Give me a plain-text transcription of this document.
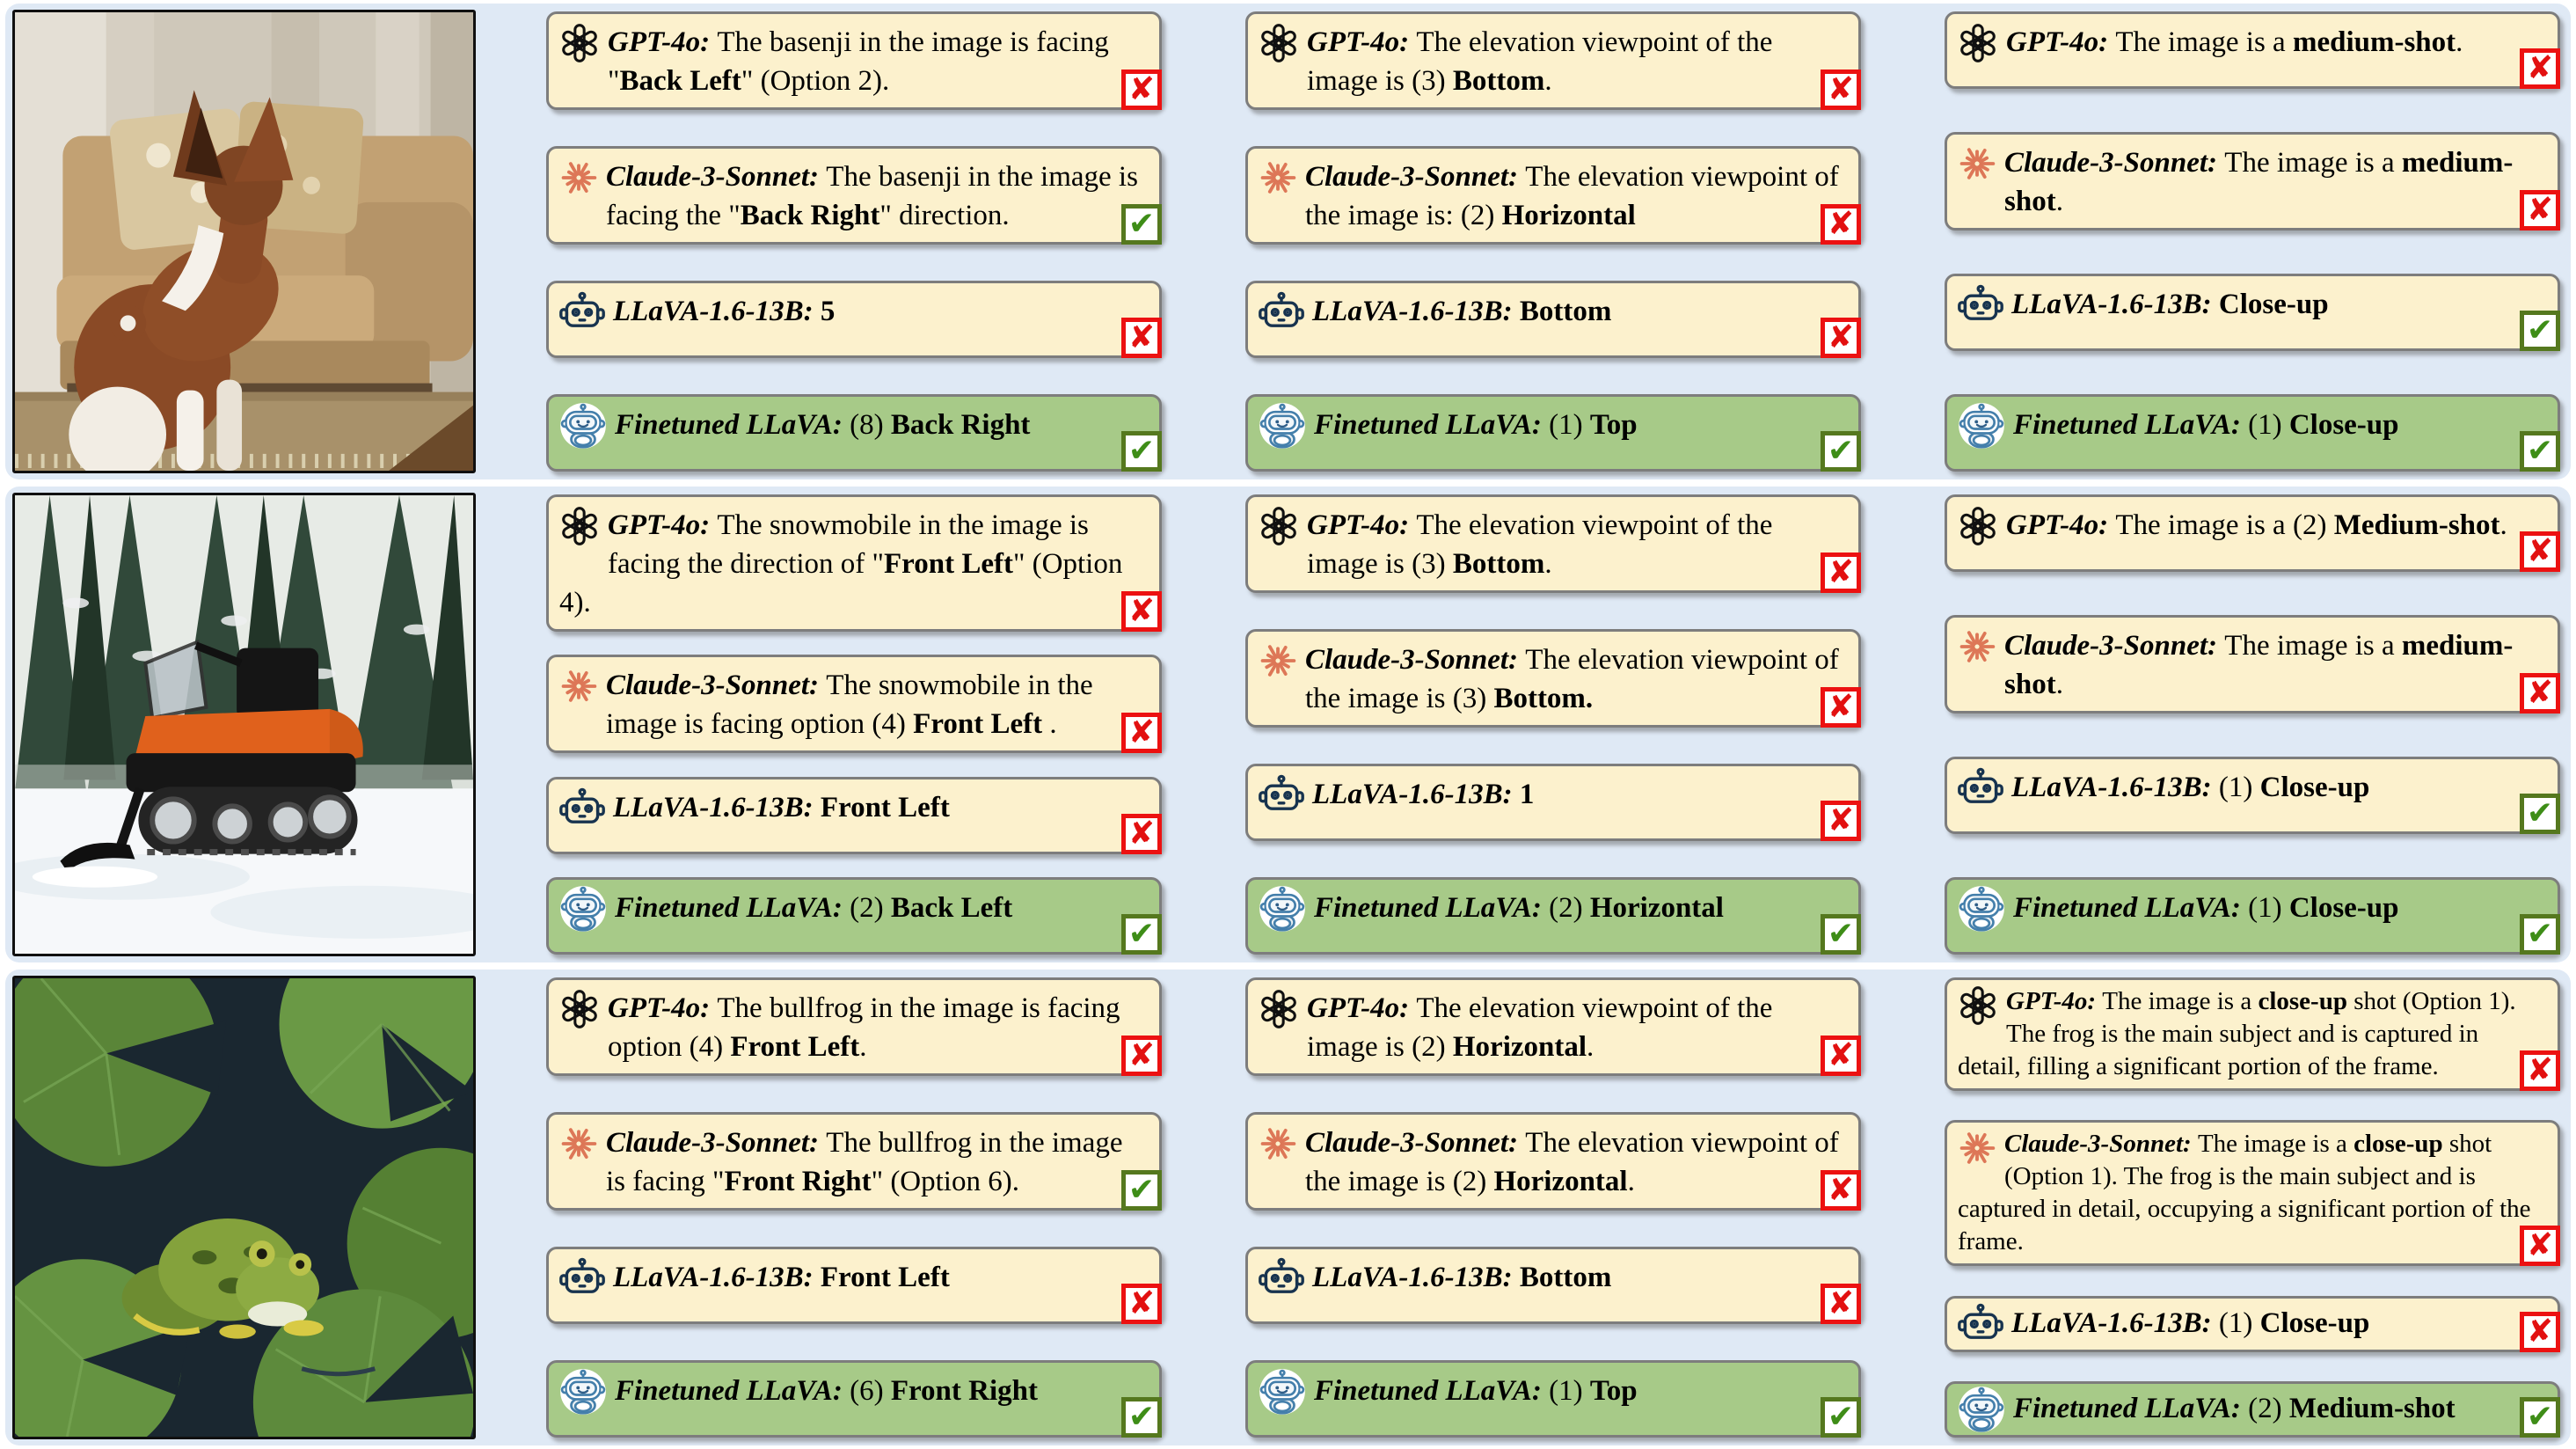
GPT-4o: The basenji in the image is facing "Back Left" (Option 2).	✘
Claude-3-Sonnet: The basenji in the image is facing the "Back Right" direction.	✔
LLaVA-1.6-13B: 5
✘
Finetuned LLaVA: (8) Back Right
✔
GPT-4o: The elevation viewpoint of the image is (3) Bottom.	✘
Claude-3-Sonnet: The elevation viewpoint of the image is: (2) Horizontal	✘
LLaVA-1.6-13B: Bottom
✘
Finetuned LLaVA: (1) Top
✔
GPT-4o: The image is a medium-shot.
✘
Claude-3-Sonnet: The image is a medium-shot.	✘
LLaVA-1.6-13B: Close-up
✔
Finetuned LLaVA: (1) Close-up
✔
GPT-4o: The snowmobile in the image is facing the direction of "Front Left" (Option 4).	✘
Claude-3-Sonnet: The snowmobile in the image is facing option (4) Front Left .	✘
LLaVA-1.6-13B: Front Left
✘
Finetuned LLaVA: (2) Back Left
✔
GPT-4o: The elevation viewpoint of the image is (3) Bottom.	✘
Claude-3-Sonnet: The elevation viewpoint of the image is (3) Bottom.	✘
LLaVA-1.6-13B: 1
✘
Finetuned LLaVA: (2) Horizontal
✔
GPT-4o: The image is a (2) Medium-shot.
✘
Claude-3-Sonnet: The image is a medium-shot.	✘
LLaVA-1.6-13B: (1) Close-up
✔
Finetuned LLaVA: (1) Close-up
✔
GPT-4o: The bullfrog in the image is facing option (4) Front Left.	✘
Claude-3-Sonnet: The bullfrog in the image is facing "Front Right" (Option 6).	✔
LLaVA-1.6-13B: Front Left
✘
Finetuned LLaVA: (6) Front Right
✔
GPT-4o: The elevation viewpoint of the image is (2) Horizontal.	✘
Claude-3-Sonnet: The elevation viewpoint of the image is (2) Horizontal.	✘
LLaVA-1.6-13B: Bottom
✘
Finetuned LLaVA: (1) Top
✔
GPT-4o: The image is a close-up shot (Option 1). The frog is the main subject and is captured in detail, filling a significant portion of the frame.	✘
Claude-3-Sonnet: The image is a close-up shot (Option 1). The frog is the main subject and is captured in detail, occupying a significant portion of the frame.	✘
LLaVA-1.6-13B: (1) Close-up	✘
Finetuned LLaVA: (2) Medium-shot	✔
